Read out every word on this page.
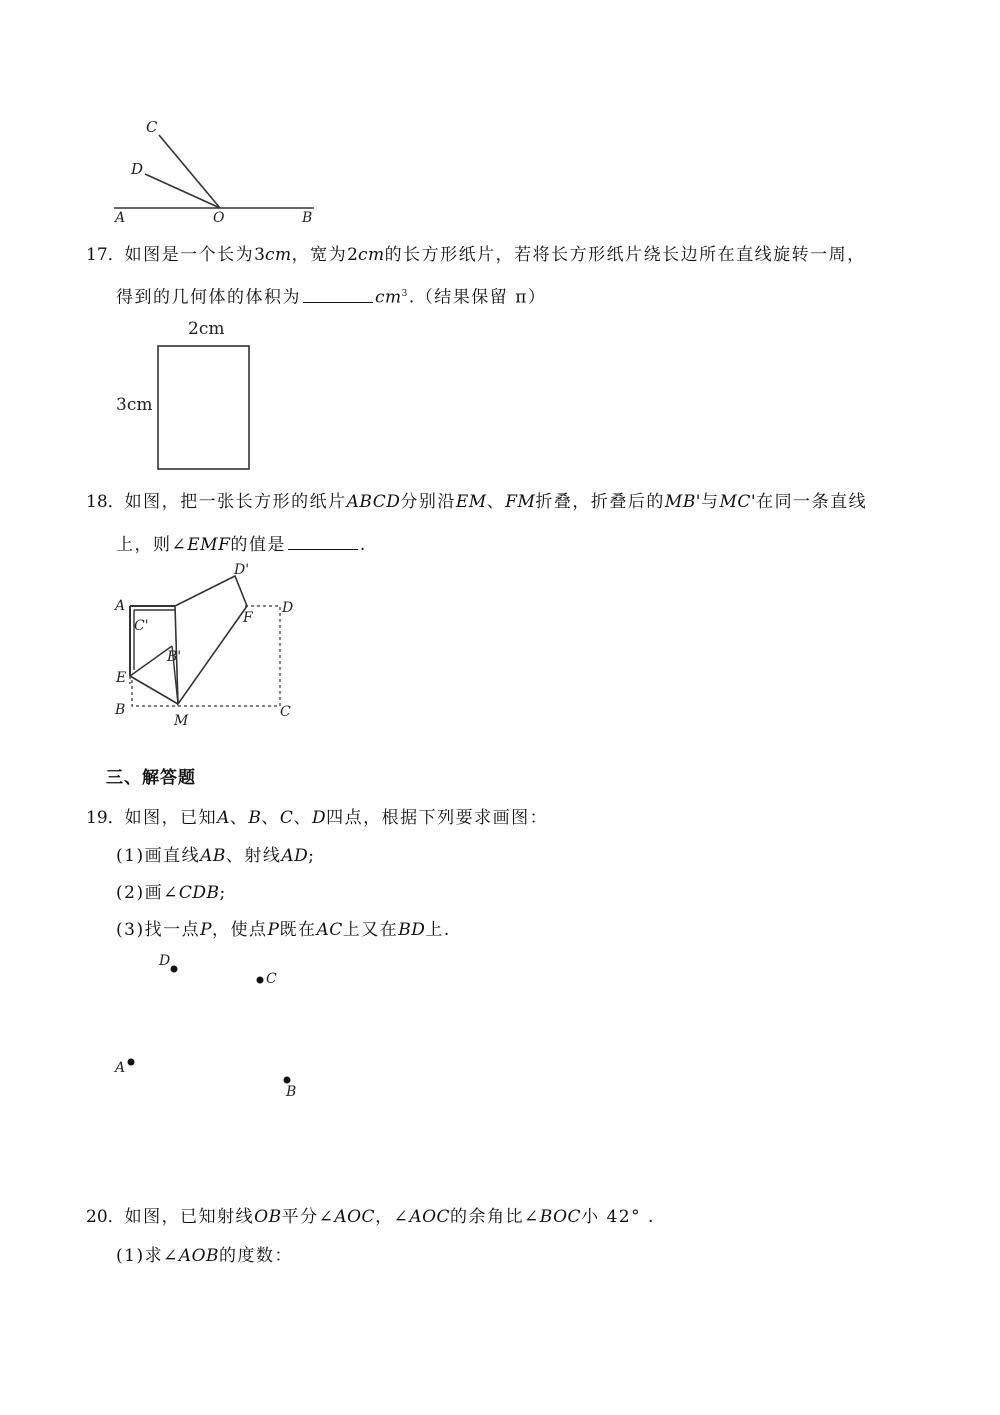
C
D
A	O	B
17．如图是一个长为3cm，宽为2cm的长方形纸片，若将长方形纸片绕长边所在直线旋转一周，
得到的几何体的体积为	$cm^3$.（结果保留 π）
2cm
3cm
18．如图，把一张长方形的纸片ABCD分别沿EM、FM折叠，折叠后的MB'与MC'在同一条直线
上，则∠EMF的值是	.
D'
A	D
C'	F
B'
E
B
M
C
三、解答题
19．如图，已知A、B、C、D四点，根据下列要求画图：
(1)画直线AB、射线AD;
(2)画∠CDB;
(3)找一点P，使点P既在AC上又在BD上.
D
C
A
B
20．如图，已知射线OB平分∠AOC，∠AOC的余角比∠BOC小 42° .
(1)求∠AOB的度数：
